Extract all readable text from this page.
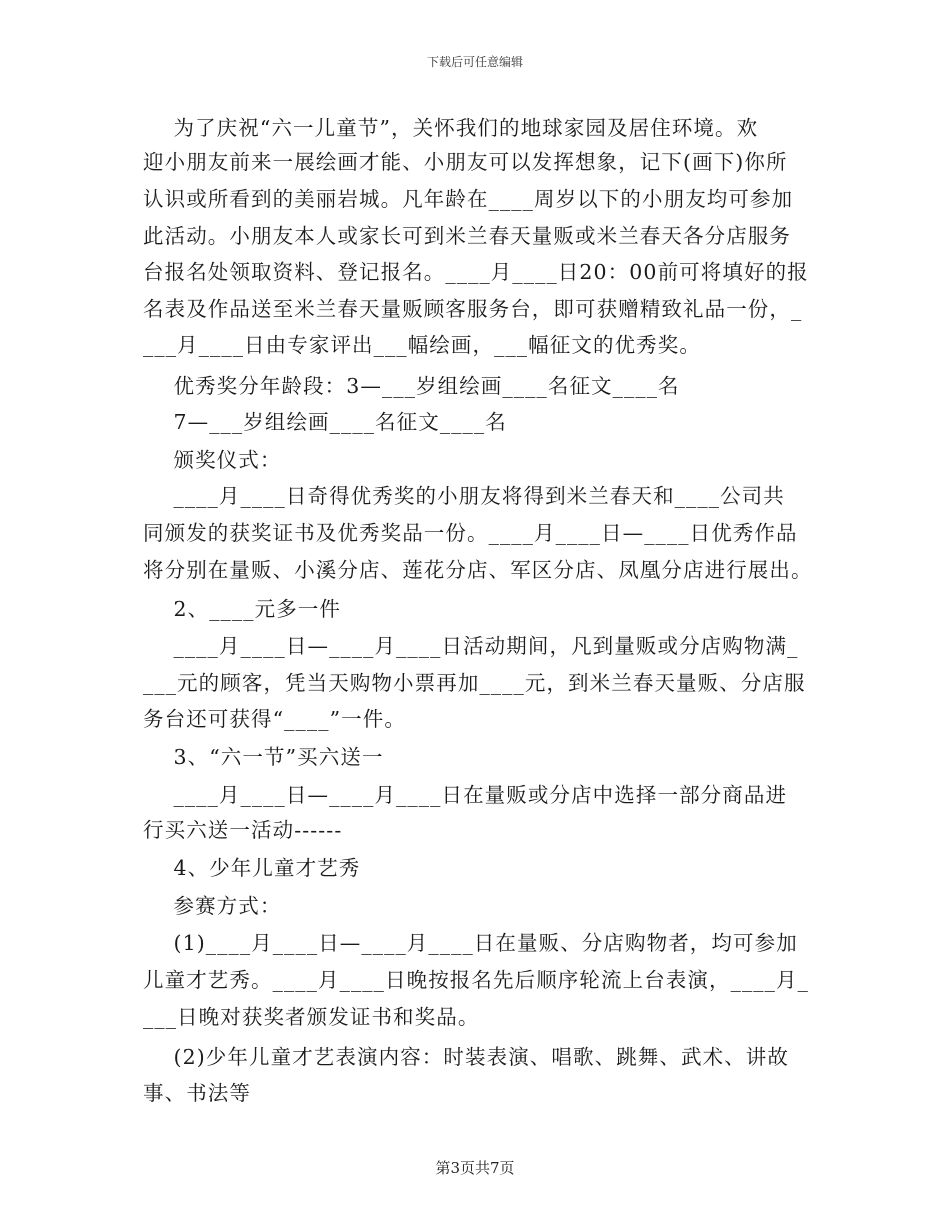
下载后可任意编辑
为了庆祝“六一儿童节”，关怀我们的地球家园及居住环境。欢
迎小朋友前来一展绘画才能、小朋友可以发挥想象，记下(画下)你所
认识或所看到的美丽岩城。凡年龄在____周岁以下的小朋友均可参加
此活动。小朋友本人或家长可到米兰春天量贩或米兰春天各分店服务
台报名处领取资料、登记报名。____月____日20：00前可将填好的报
名表及作品送至米兰春天量贩顾客服务台，即可获赠精致礼品一份，_
___月____日由专家评出___幅绘画，___幅征文的优秀奖。
优秀奖分年龄段：3—___岁组绘画____名征文____名
7—___岁组绘画____名征文____名
颁奖仪式：
____月____日奇得优秀奖的小朋友将得到米兰春天和____公司共
同颁发的获奖证书及优秀奖品一份。____月____日—____日优秀作品
将分别在量贩、小溪分店、莲花分店、军区分店、凤凰分店进行展出。
2、____元多一件
____月____日—____月____日活动期间，凡到量贩或分店购物满_
___元的顾客，凭当天购物小票再加____元，到米兰春天量贩、分店服
务台还可获得“____”一件。
3、“六一节”买六送一
____月____日—____月____日在量贩或分店中选择一部分商品进
行买六送一活动------
4、少年儿童才艺秀
参赛方式：
(1)____月____日—____月____日在量贩、分店购物者，均可参加
儿童才艺秀。____月____日晚按报名先后顺序轮流上台表演，____月_
___日晚对获奖者颁发证书和奖品。
(2)少年儿童才艺表演内容：时装表演、唱歌、跳舞、武术、讲故
事、书法等
第3页共7页
